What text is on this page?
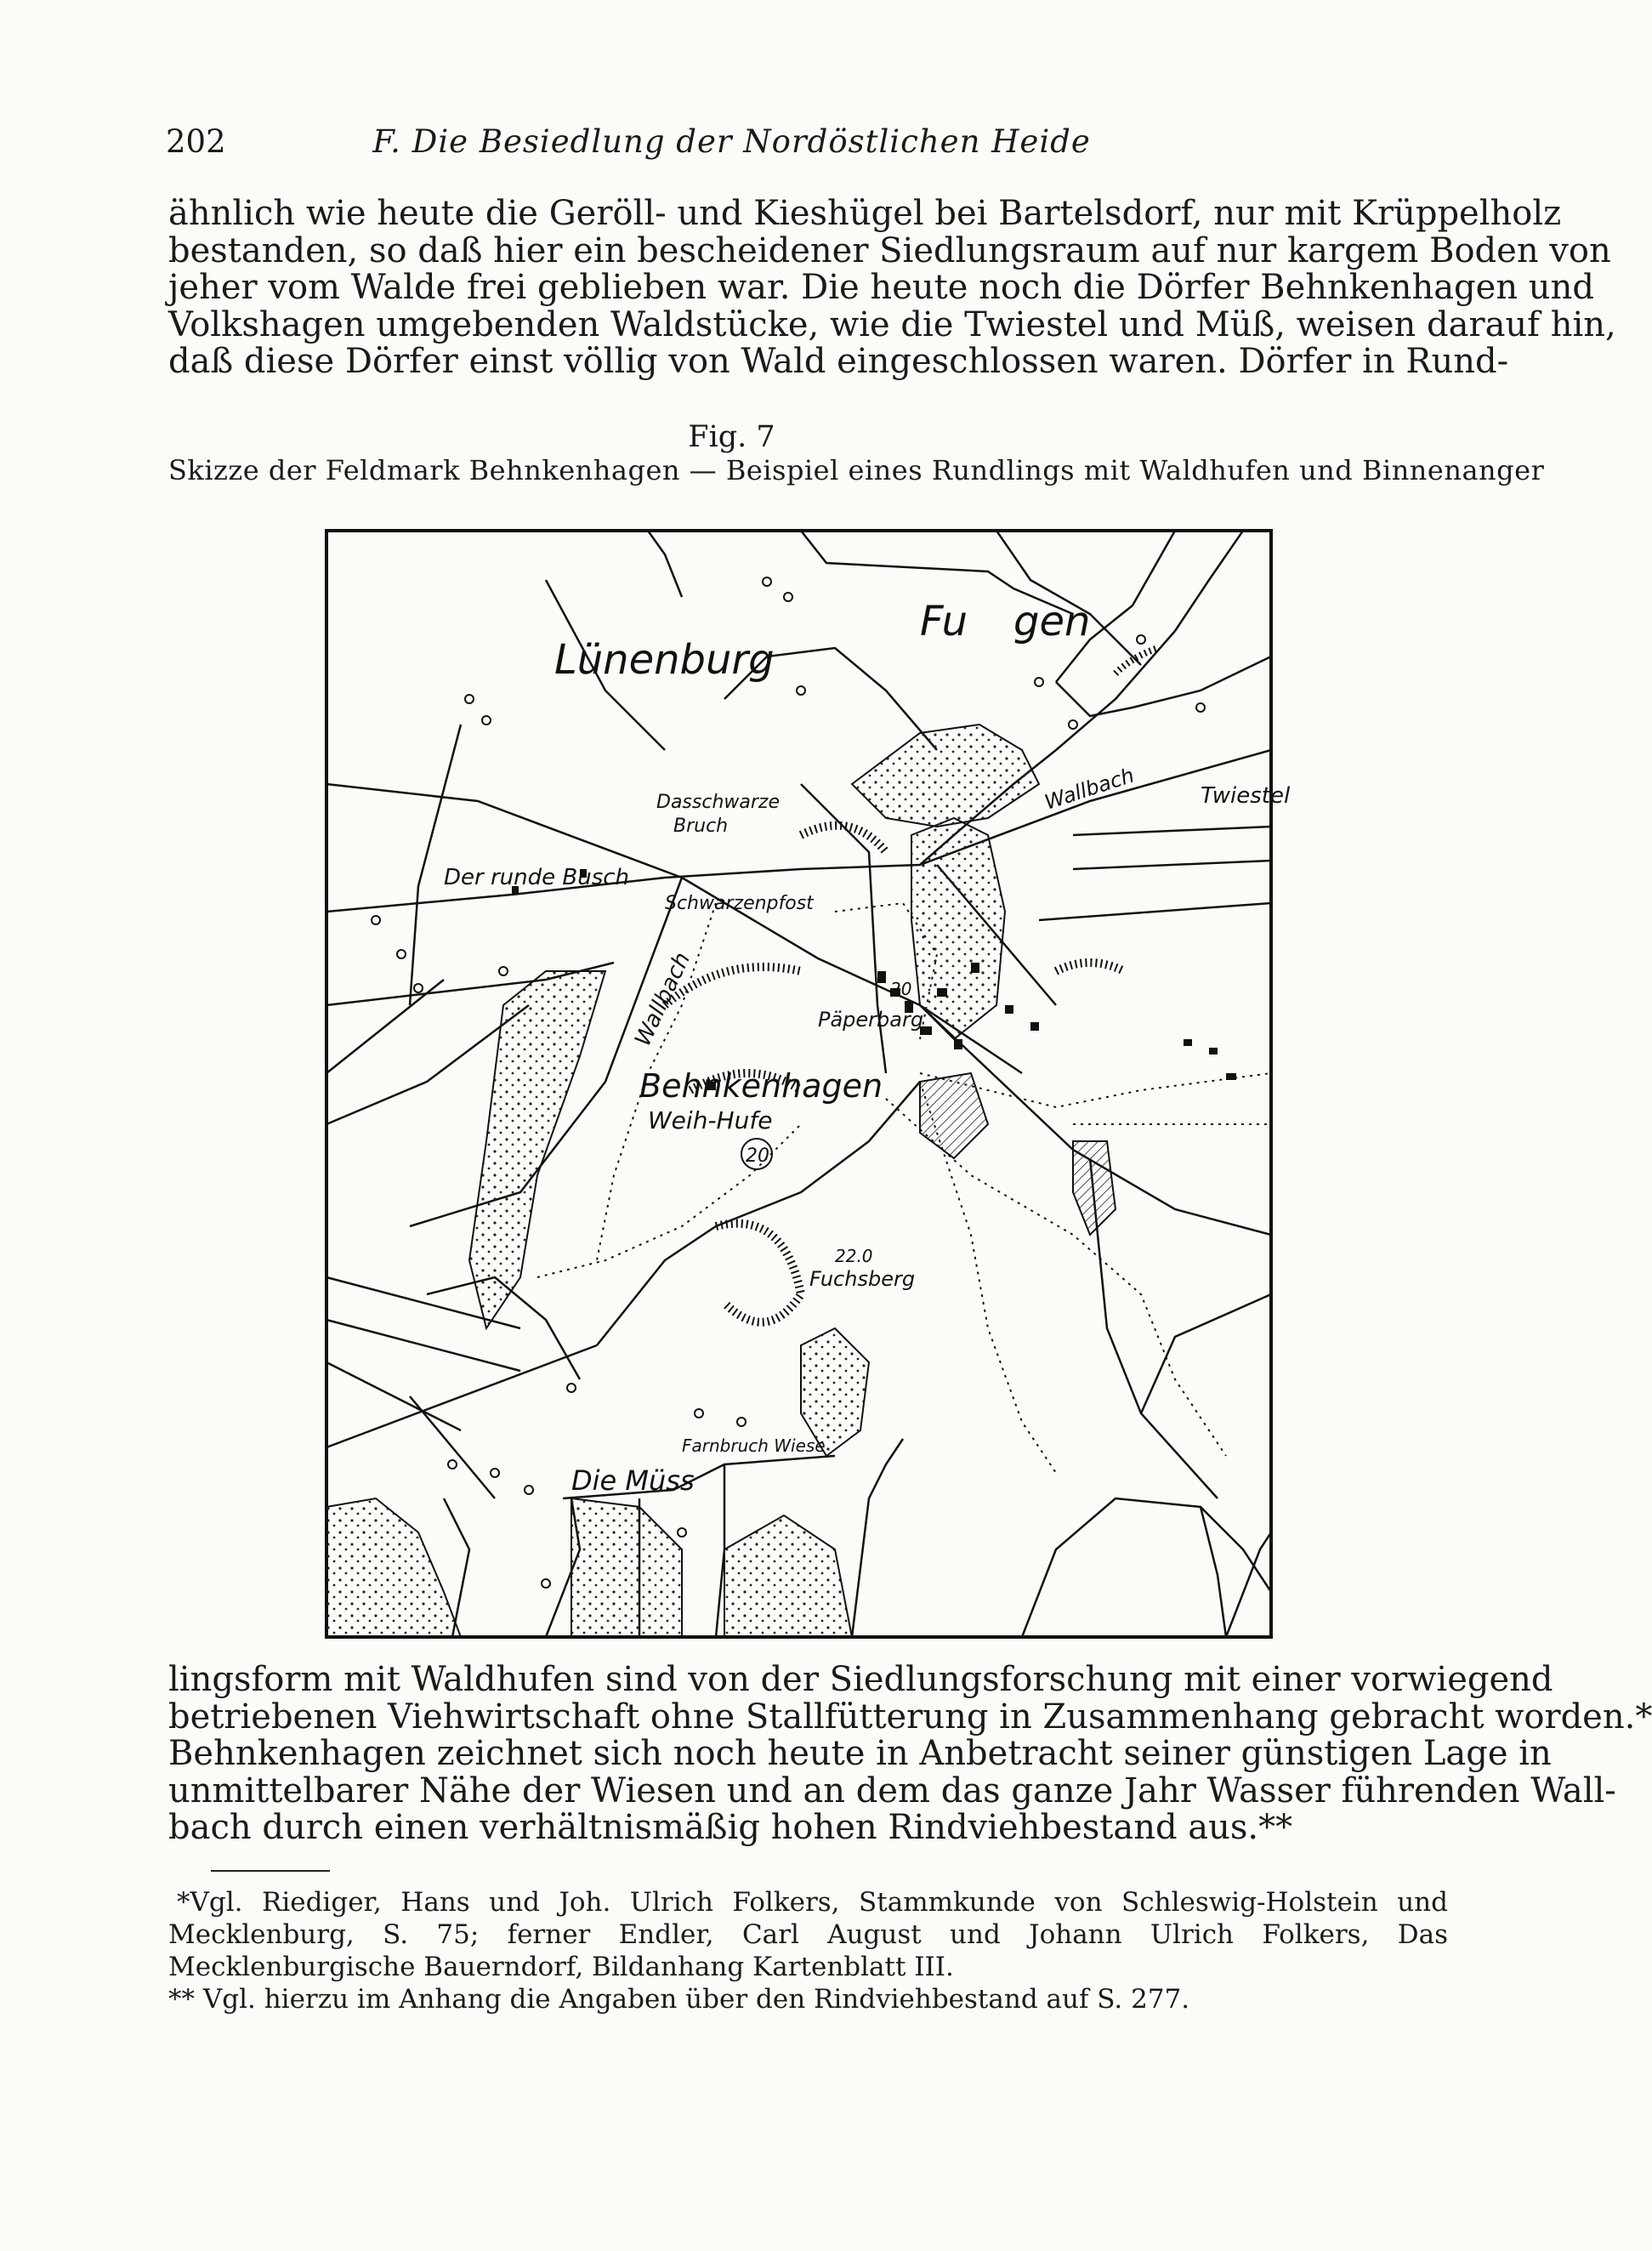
202	F. Die Besiedlung der Nordöstlichen Heide
ähnlich wie heute die Geröll- und Kieshügel bei Bartelsdorf, nur mit Krüppelholz
bestanden, so daß hier ein bescheidener Siedlungsraum auf nur kargem Boden von
jeher vom Walde frei geblieben war. Die heute noch die Dörfer Behnkenhagen und
Volkshagen umgebenden Waldstücke, wie die Twiestel und Müß, weisen darauf hin,
daß diese Dörfer einst völlig von Wald eingeschlossen waren. Dörfer in Rund-
Fig. 7
Skizze der Feldmark Behnkenhagen — Beispiel eines Rundlings mit Waldhufen und Binnenanger
Lünenburg
Fu gen
Dasschwarze
Bruch
Der runde Busch
Schwarzenpfost
Wallbach	Twiestel
Wallbach	Päperbarg
Behnkenhagen
Weih-Hufe
20
20
22.0
Fuchsberg
Farnbruch Wiese
Die Müss
lingsform mit Waldhufen sind von der Siedlungsforschung mit einer vorwiegend
betriebenen Viehwirtschaft ohne Stallfütterung in Zusammenhang gebracht worden.*
Behnkenhagen zeichnet sich noch heute in Anbetracht seiner günstigen Lage in
unmittelbarer Nähe der Wiesen und an dem das ganze Jahr Wasser führenden Wall-
bach durch einen verhältnismäßig hohen Rindviehbestand aus.**
*Vgl. Riediger, Hans und Joh. Ulrich Folkers, Stammkunde von Schleswig-Holstein und
Mecklenburg, S. 75; ferner Endler, Carl August und Johann Ulrich Folkers, Das
Mecklenburgische Bauerndorf, Bildanhang Kartenblatt III.
** Vgl. hierzu im Anhang die Angaben über den Rindviehbestand auf S. 277.
